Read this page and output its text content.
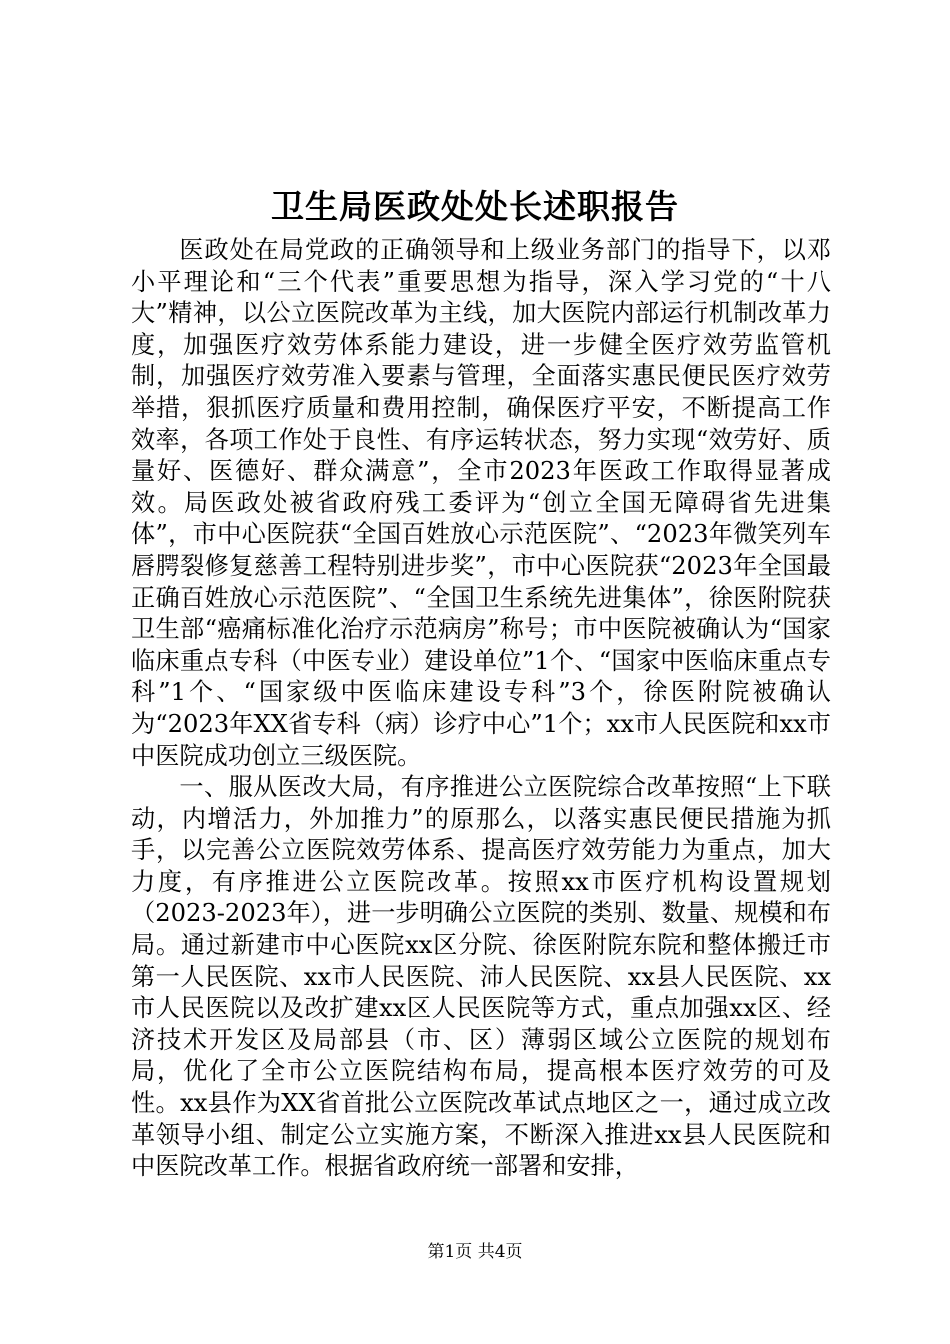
卫生局医政处处长述职报告

医政处在局党政的正确领导和上级业务部门的指导下，以邓小平理论和“三个代表”重要思想为指导，深入学习党的“十八大”精神，以公立医院改革为主线，加大医院内部运行机制改革力度，加强医疗效劳体系能力建设，进一步健全医疗效劳监管机制，加强医疗效劳准入要素与管理，全面落实惠民便民医疗效劳举措，狠抓医疗质量和费用控制，确保医疗平安，不断提高工作效率，各项工作处于良性、有序运转状态，努力实现“效劳好、质量好、医德好、群众满意”，全市2023年医政工作取得显著成效。局医政处被省政府残工委评为“创立全国无障碍省先进集体”，市中心医院获“全国百姓放心示范医院”、“2023年微笑列车唇腭裂修复慈善工程特别进步奖”，市中心医院获“2023年全国最正确百姓放心示范医院”、“全国卫生系统先进集体”，徐医附院获卫生部“癌痛标准化治疗示范病房”称号；市中医院被确认为“国家临床重点专科（中医专业）建设单位”1个、“国家中医临床重点专科”1个、“国家级中医临床建设专科”3个，徐医附院被确认为“2023年XX省专科（病）诊疗中心”1个；xx市人民医院和xx市中医院成功创立三级医院。

一、服从医改大局，有序推进公立医院综合改革按照“上下联动，内增活力，外加推力”的原那么，以落实惠民便民措施为抓手，以完善公立医院效劳体系、提高医疗效劳能力为重点，加大力度，有序推进公立医院改革。按照xx市医疗机构设置规划（2023-2023年），进一步明确公立医院的类别、数量、规模和布局。通过新建市中心医院xx区分院、徐医附院东院和整体搬迁市第一人民医院、xx市人民医院、沛人民医院、xx县人民医院、xx市人民医院以及改扩建xx区人民医院等方式，重点加强xx区、经济技术开发区及局部县（市、区）薄弱区域公立医院的规划布局，优化了全市公立医院结构布局，提高根本医疗效劳的可及性。xx县作为XX省首批公立医院改革试点地区之一，通过成立改革领导小组、制定公立实施方案，不断深入推进xx县人民医院和中医院改革工作。根据省政府统一部署和安排，

第1页 共4页
